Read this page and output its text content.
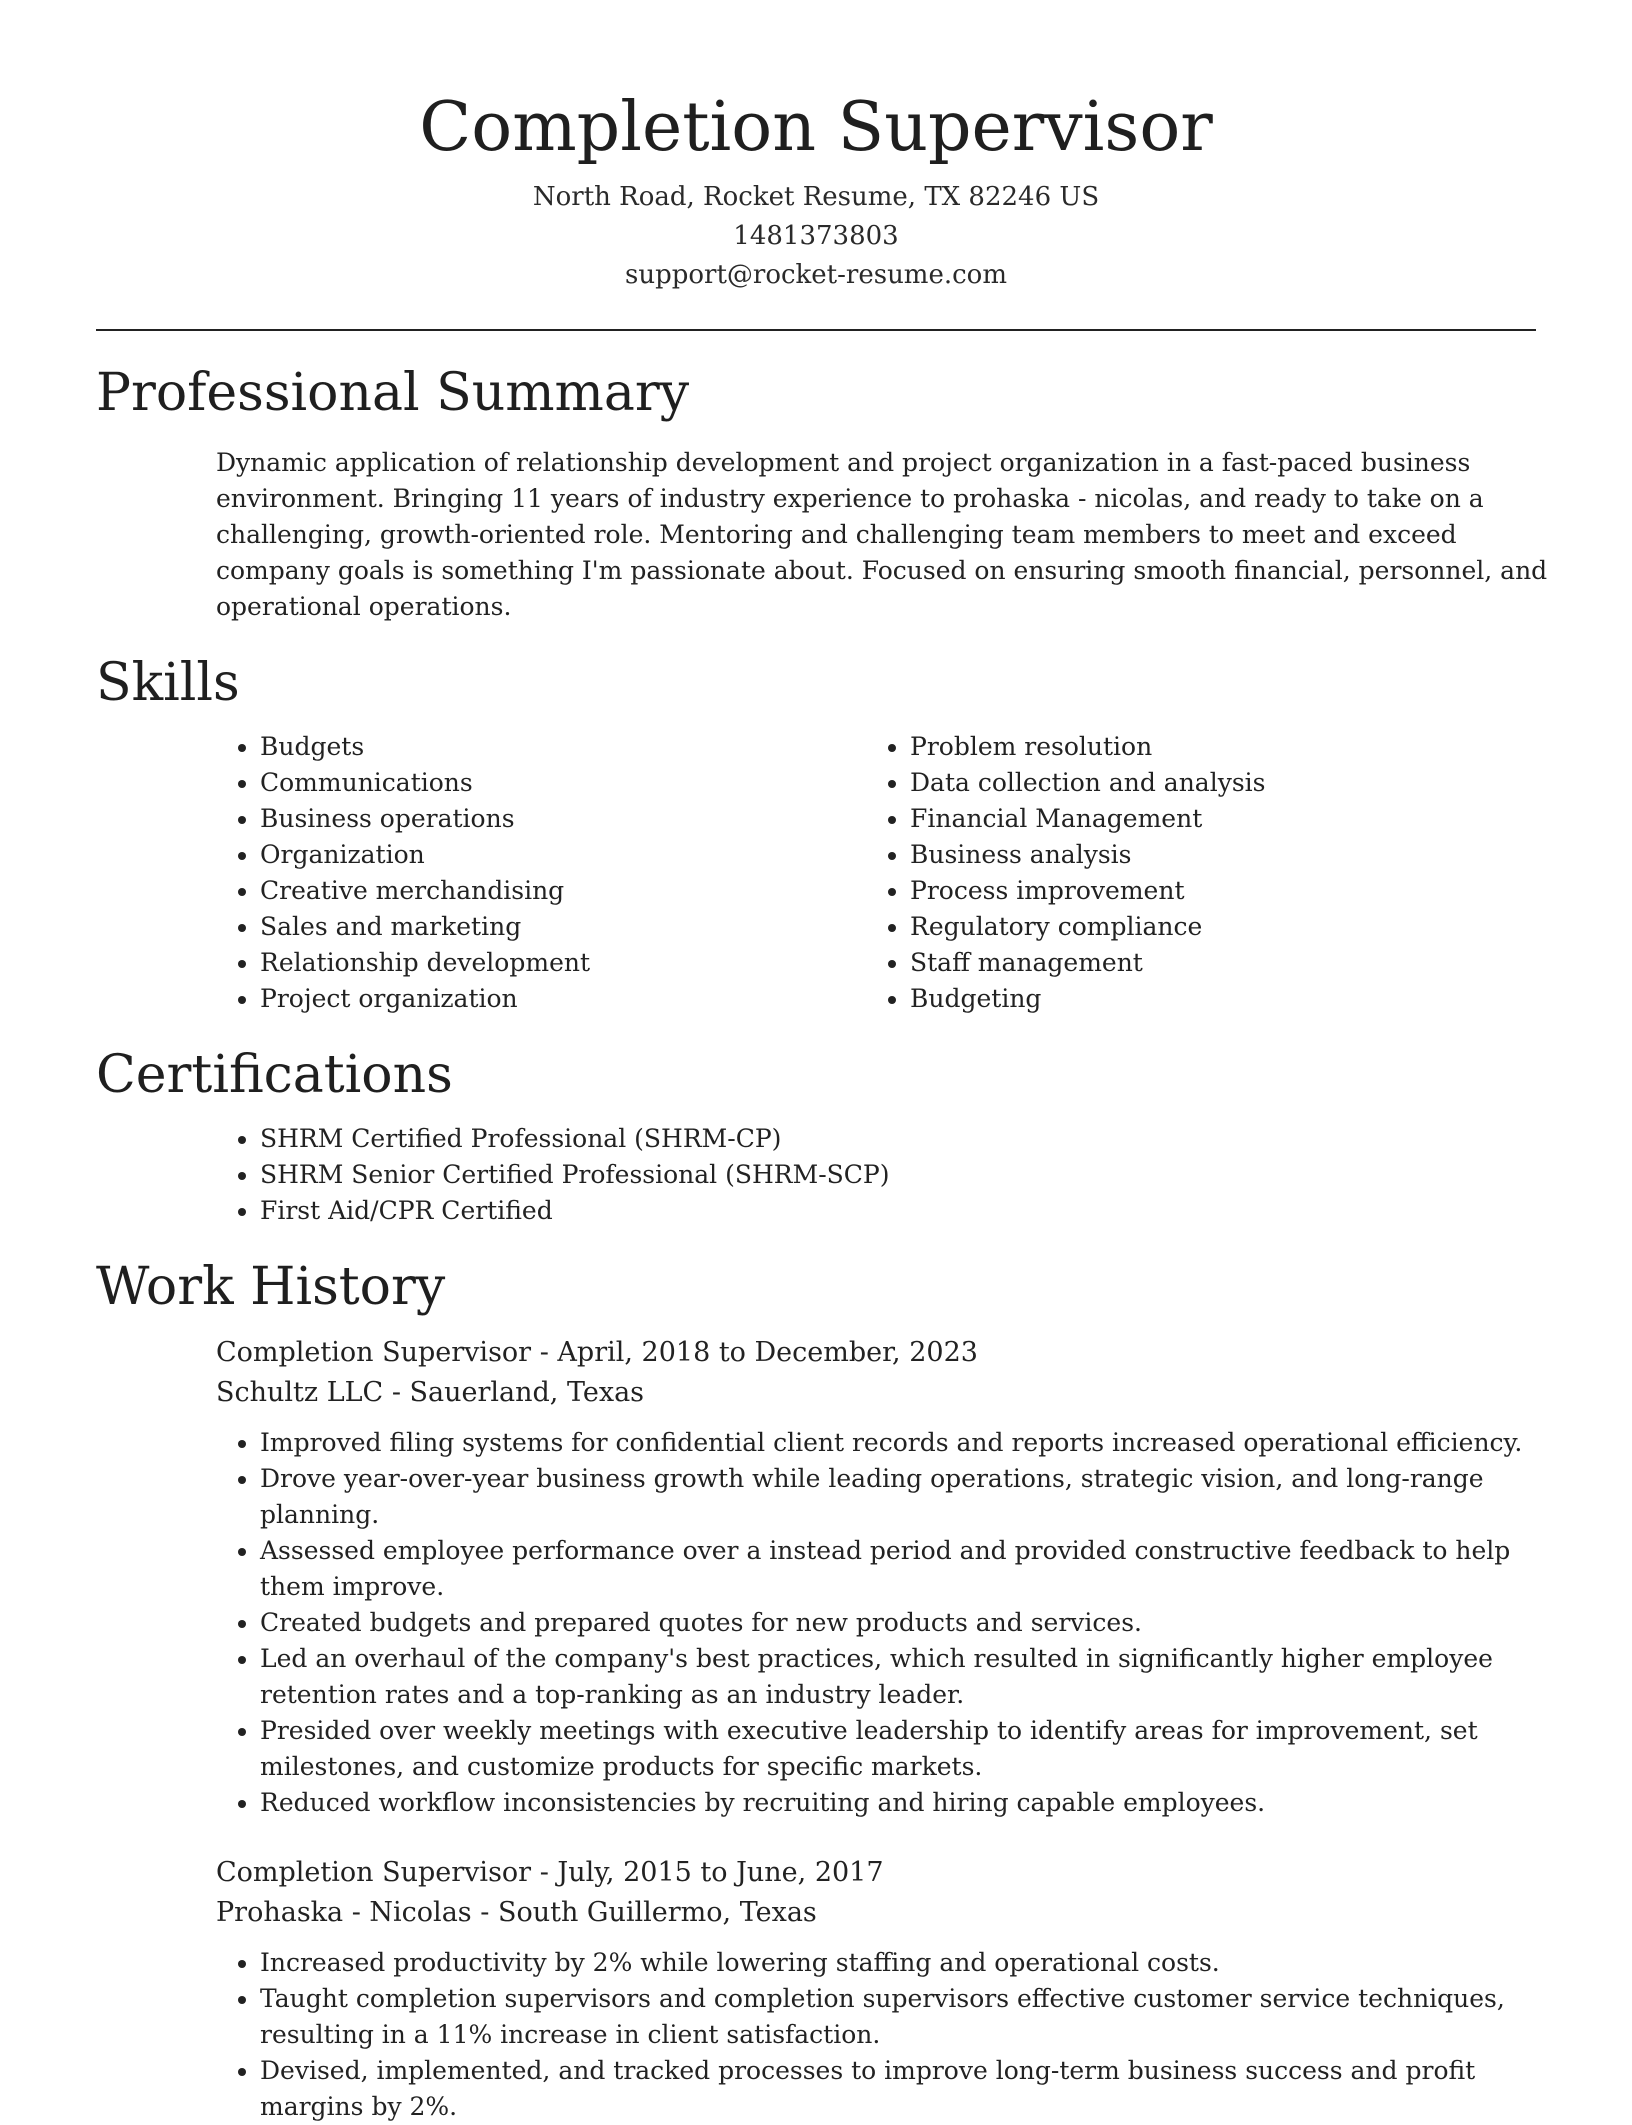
Completion Supervisor
North Road, Rocket Resume, TX 82246 US
1481373803
support@rocket-resume.com
Professional Summary
Dynamic application of relationship development and project organization in a fast-paced business environment. Bringing 11 years of industry experience to prohaska - nicolas, and ready to take on a challenging, growth-oriented role. Mentoring and challenging team members to meet and exceed company goals is something I'm passionate about. Focused on ensuring smooth financial, personnel, and operational operations.
Skills
• Budgets
• Communications
• Business operations
• Organization
• Creative merchandising
• Sales and marketing
• Relationship development
• Project organization
• Problem resolution
• Data collection and analysis
• Financial Management
• Business analysis
• Process improvement
• Regulatory compliance
• Staff management
• Budgeting
Certifications
• SHRM Certified Professional (SHRM-CP)
• SHRM Senior Certified Professional (SHRM-SCP)
• First Aid/CPR Certified
Work History
Completion Supervisor - April, 2018 to December, 2023
Schultz LLC - Sauerland, Texas
• Improved filing systems for confidential client records and reports increased operational efficiency.
• Drove year-over-year business growth while leading operations, strategic vision, and long-range planning.
• Assessed employee performance over a instead period and provided constructive feedback to help them improve.
• Created budgets and prepared quotes for new products and services.
• Led an overhaul of the company's best practices, which resulted in significantly higher employee retention rates and a top-ranking as an industry leader.
• Presided over weekly meetings with executive leadership to identify areas for improvement, set milestones, and customize products for specific markets.
• Reduced workflow inconsistencies by recruiting and hiring capable employees.
Completion Supervisor - July, 2015 to June, 2017
Prohaska - Nicolas - South Guillermo, Texas
• Increased productivity by 2% while lowering staffing and operational costs.
• Taught completion supervisors and completion supervisors effective customer service techniques, resulting in a 11% increase in client satisfaction.
• Devised, implemented, and tracked processes to improve long-term business success and profit margins by 2%.
